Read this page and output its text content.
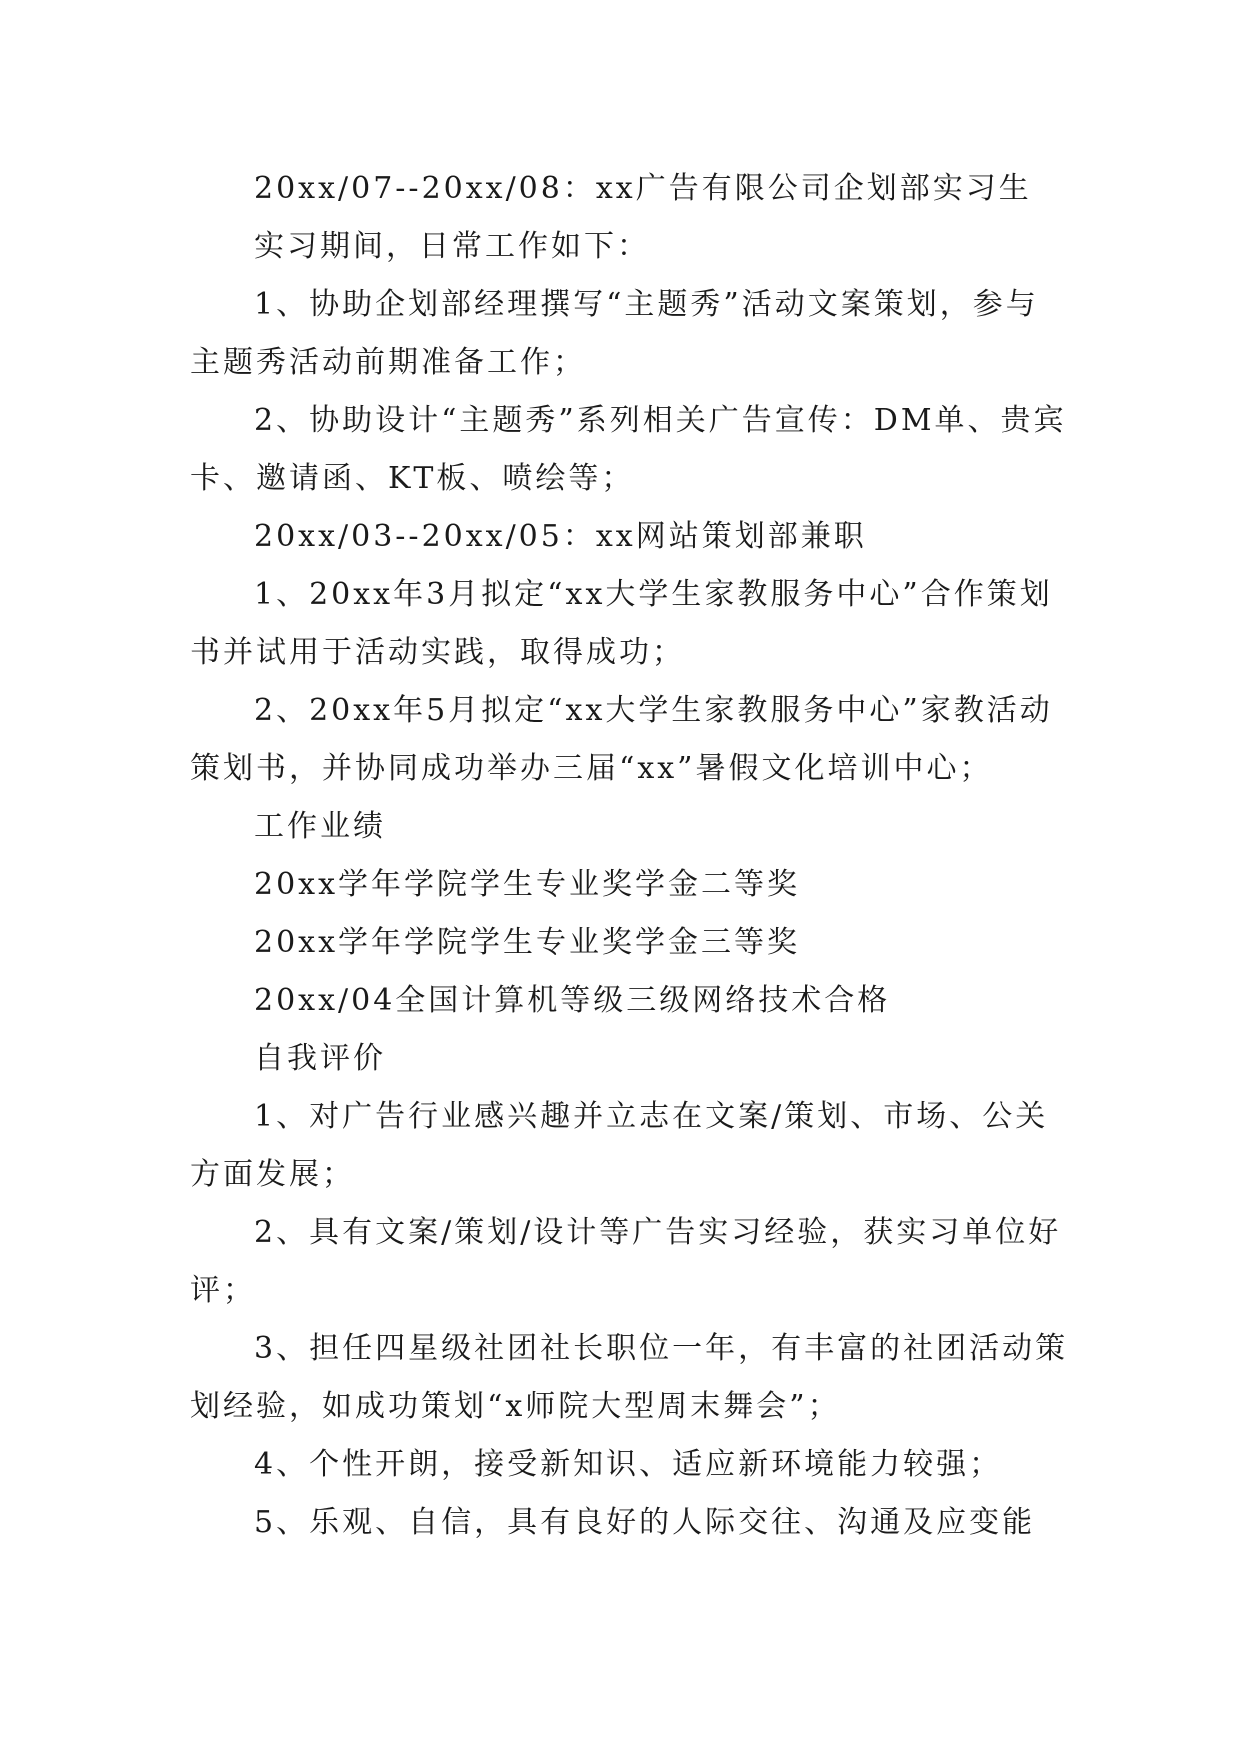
20xx/07--20xx/08：xx广告有限公司企划部实习生

实习期间，日常工作如下：

1、协助企划部经理撰写“主题秀”活动文案策划，参与主题秀活动前期准备工作；

2、协助设计“主题秀”系列相关广告宣传：DM单、贵宾卡、邀请函、KT板、喷绘等；

20xx/03--20xx/05：xx网站策划部兼职

1、20xx年3月拟定“xx大学生家教服务中心”合作策划书并试用于活动实践，取得成功；

2、20xx年5月拟定“xx大学生家教服务中心”家教活动策划书，并协同成功举办三届“xx”暑假文化培训中心；

工作业绩

20xx学年学院学生专业奖学金二等奖

20xx学年学院学生专业奖学金三等奖

20xx/04全国计算机等级三级网络技术合格

自我评价

1、对广告行业感兴趣并立志在文案/策划、市场、公关方面发展；

2、具有文案/策划/设计等广告实习经验，获实习单位好评；

3、担任四星级社团社长职位一年，有丰富的社团活动策划经验，如成功策划“x师院大型周末舞会”；

4、个性开朗，接受新知识、适应新环境能力较强；

5、乐观、自信，具有良好的人际交往、沟通及应变能
